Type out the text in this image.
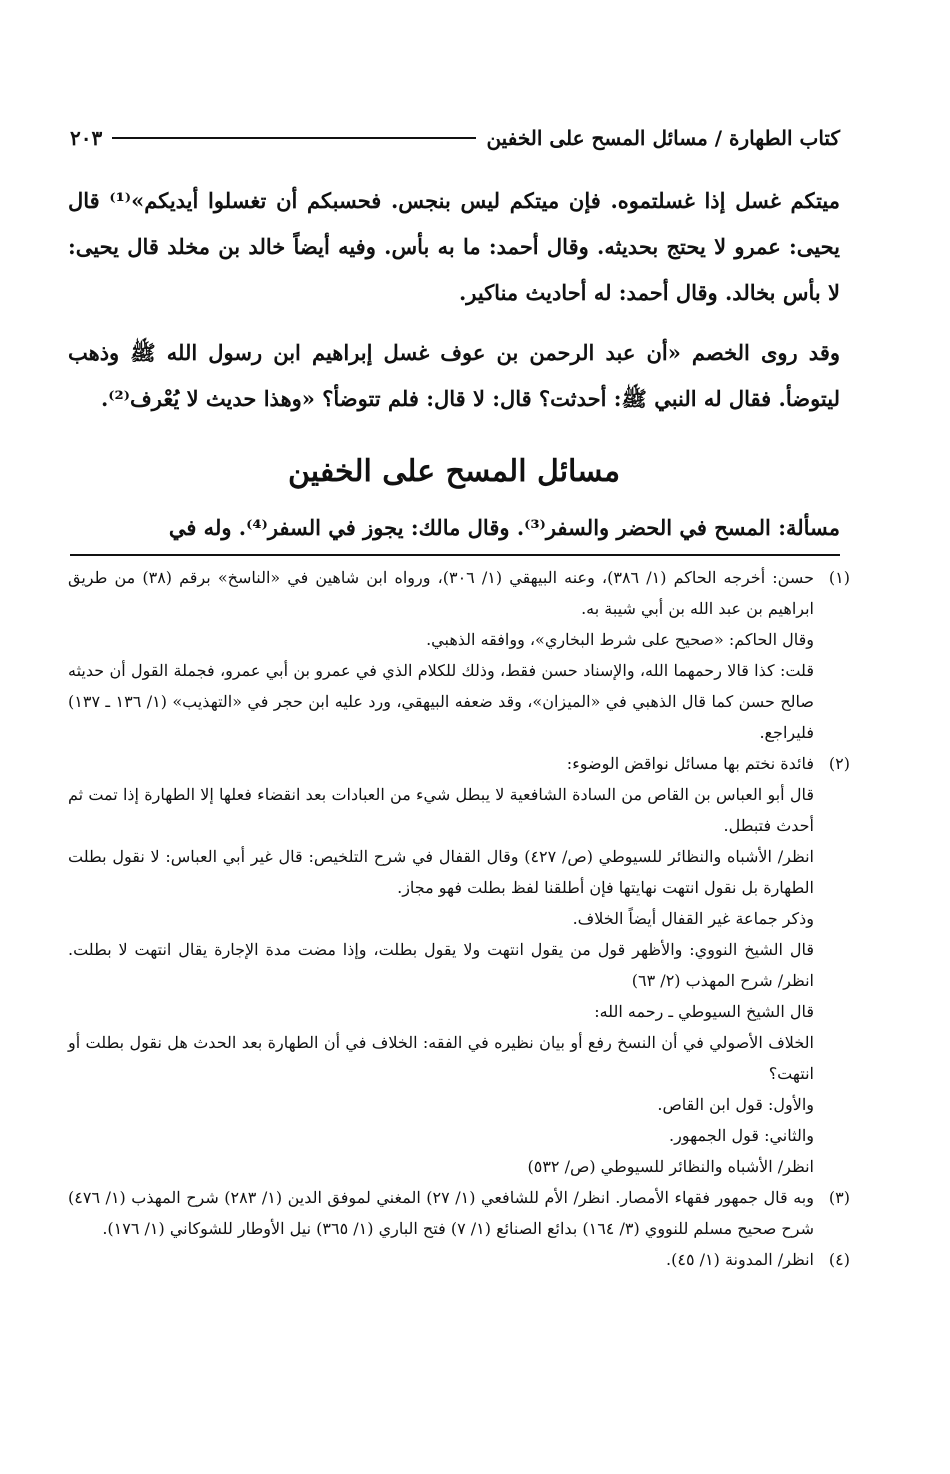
كتاب الطهارة / مسائل المسح على الخفين
٢٠٣

ميتكم غسل إذا غسلتموه. فإن ميتكم ليس بنجس. فحسبكم أن تغسلوا أيديكم»⁽¹⁾ قال يحيى: عمرو لا يحتج بحديثه. وقال أحمد: ما به بأس. وفيه أيضاً خالد بن مخلد قال يحيى: لا بأس بخالد. وقال أحمد: له أحاديث مناكير.

وقد روى الخصم «أن عبد الرحمن بن عوف غسل إبراهيم ابن رسول الله ﷺ وذهب ليتوضأ. فقال له النبي ﷺ: أحدثت؟ قال: لا قال: فلم تتوضأ؟ «وهذا حديث لا يُعْرف⁽²⁾.

مسائل المسح على الخفين
مسألة: المسح في الحضر والسفر⁽³⁾. وقال مالك: يجوز في السفر⁽⁴⁾. وله في
(١)

حسن: أخرجه الحاكم (١/ ٣٨٦)، وعنه البيهقي (١/ ٣٠٦)، ورواه ابن شاهين في «الناسخ» برقم (٣٨) من طريق ابراهيم بن عبد الله بن أبي شيبة به.

وقال الحاكم: «صحيح على شرط البخاري»، ووافقه الذهبي.

قلت: كذا قالا رحمهما الله، والإسناد حسن فقط، وذلك للكلام الذي في عمرو بن أبي عمرو، فجملة القول أن حديثه صالح حسن كما قال الذهبي في «الميزان»، وقد ضعفه البيهقي، ورد عليه ابن حجر في «التهذيب» (١/ ١٣٦ ـ ١٣٧) فليراجع.

(٢)

فائدة نختم بها مسائل نواقض الوضوء:

قال أبو العباس بن القاص من السادة الشافعية لا يبطل شيء من العبادات بعد انقضاء فعلها إلا الطهارة إذا تمت ثم أحدث فتبطل.

انظر/ الأشباه والنظائر للسيوطي (ص/ ٤٢٧) وقال القفال في شرح التلخيص: قال غير أبي العباس: لا نقول بطلت الطهارة بل نقول انتهت نهايتها فإن أطلقنا لفظ بطلت فهو مجاز.

وذكر جماعة غير القفال أيضاً الخلاف.

قال الشيخ النووي: والأظهر قول من يقول انتهت ولا يقول بطلت، وإذا مضت مدة الإجارة يقال انتهت لا بطلت. انظر/ شرح المهذب (٢/ ٦٣)

قال الشيخ السيوطي ـ رحمه الله:

الخلاف الأصولي في أن النسخ رفع أو بيان نظيره في الفقه: الخلاف في أن الطهارة بعد الحدث هل نقول بطلت أو انتهت؟

والأول: قول ابن القاص.

والثاني: قول الجمهور.

انظر/ الأشباه والنظائر للسيوطي (ص/ ٥٣٢)

(٣)

وبه قال جمهور فقهاء الأمصار. انظر/ الأم للشافعي (١/ ٢٧) المغني لموفق الدين (١/ ٢٨٣) شرح المهذب (١/ ٤٧٦) شرح صحيح مسلم للنووي (٣/ ١٦٤) بدائع الصنائع (١/ ٧) فتح الباري (١/ ٣٦٥) نيل الأوطار للشوكاني (١/ ١٧٦).

(٤)

انظر/ المدونة (١/ ٤٥).
